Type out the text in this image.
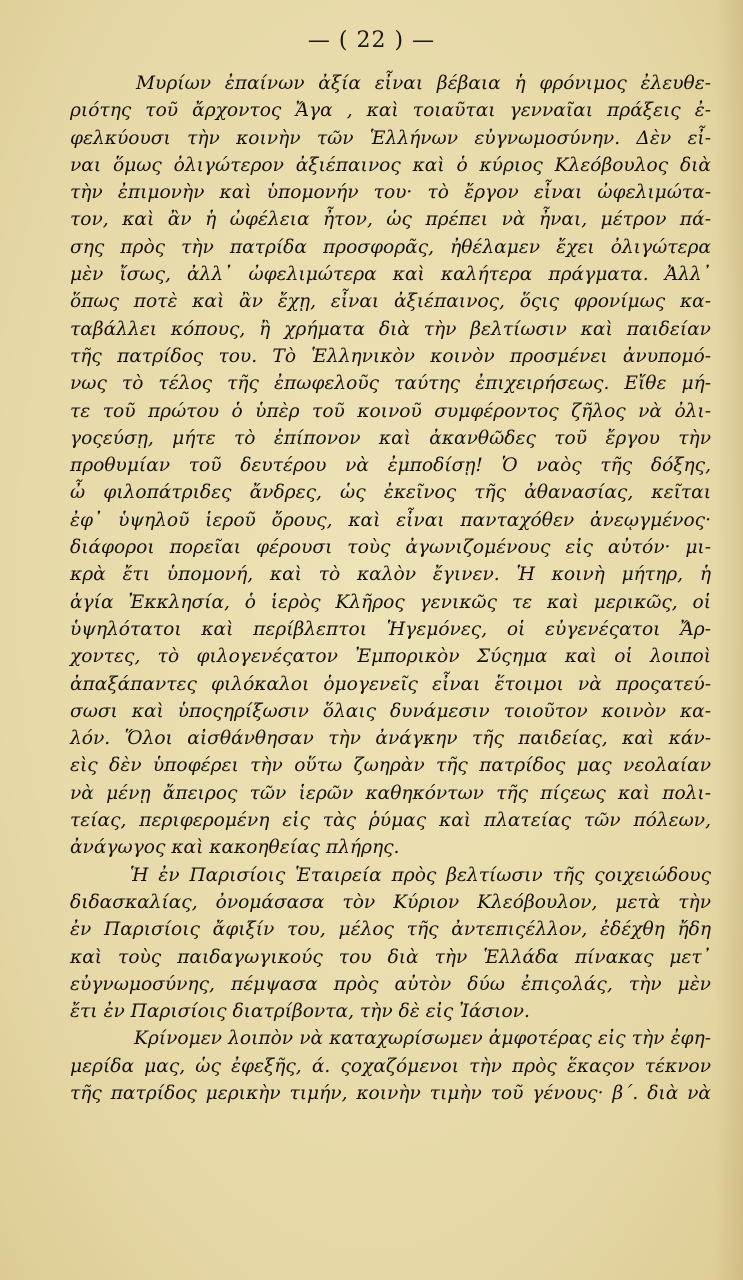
— ( 22 ) —
Μυρίων ἐπαίνων ἀξία εἶναι βέβαια ἡ φρόνιμος ἐλευθε-
ριότης τοῦ ἄρχοντος Ἄγα , καὶ τοιαῦται γενναῖαι πράξεις ἐ-
φελκύουσι τὴν κοινὴν τῶν Ἑλλήνων εὐγνωμοσύνην. Δὲν εἶ-
ναι ὅμως ὀλιγώτερον ἀξιέπαινος καὶ ὁ κύριος Κλεόβουλος διὰ
τὴν ἐπιμονὴν καὶ ὑπομονήν του· τὸ ἔργον εἶναι ὠφελιμώτα-
τον, καὶ ἂν ἡ ὠφέλεια ἦτον, ὡς πρέπει νὰ ἦναι, μέτρον πά-
σης πρὸς τὴν πατρίδα προσφορᾶς, ἠθέλαμεν ἔχει ὀλιγώτερα
μὲν ἴσως, ἀλλ᾽ ὠφελιμώτερα καὶ καλήτερα πράγματα. Ἀλλ᾽
ὅπως ποτὲ καὶ ἂν ἔχῃ, εἶναι ἀξιέπαινος, ὅςις φρονίμως κα-
ταβάλλει κόπους, ἢ χρήματα διὰ τὴν βελτίωσιν καὶ παιδείαν
τῆς πατρίδος του. Τὸ Ἑλληνικὸν κοινὸν προσμένει ἀνυπομό-
νως τὸ τέλος τῆς ἐπωφελοῦς ταύτης ἐπιχειρήσεως. Εἴθε μή-
τε τοῦ πρώτου ὁ ὑπὲρ τοῦ κοινοῦ συμφέροντος ζῆλος νὰ ὀλι-
γοςεύσῃ, μήτε τὸ ἐπίπονον καὶ ἀκανθῶδες τοῦ ἔργου τὴν
προθυμίαν τοῦ δευτέρου νὰ ἐμποδίσῃ! Ὁ ναὸς τῆς δόξης,
ὦ φιλοπάτριδες ἄνδρες, ὡς ἐκεῖνος τῆς ἀθανασίας, κεῖται
ἐφ᾽ ὑψηλοῦ ἱεροῦ ὄρους, καὶ εἶναι πανταχόθεν ἀνεῳγμένος·
διάφοροι πορεῖαι φέρουσι τοὺς ἀγωνιζομένους εἰς αὐτόν· μι-
κρὰ ἔτι ὑπομονή, καὶ τὸ καλὸν ἔγινεν. Ἡ κοινὴ μήτηρ, ἡ
ἁγία Ἐκκλησία, ὁ ἱερὸς Κλῆρος γενικῶς τε καὶ μερικῶς, οἱ
ὑψηλότατοι καὶ περίβλεπτοι Ἡγεμόνες, οἱ εὐγενέςατοι Ἄρ-
χοντες, τὸ φιλογενέςατον Ἐμπορικὸν Σύςημα καὶ οἱ λοιποὶ
ἀπαξάπαντες φιλόκαλοι ὁμογενεῖς εἶναι ἕτοιμοι νὰ προςατεύ-
σωσι καὶ ὑποςηρίξωσιν ὅλαις δυνάμεσιν τοιοῦτον κοινὸν κα-
λόν. Ὅλοι αἰσθάνθησαν τὴν ἀνάγκην τῆς παιδείας, καὶ κάν-
εὶς δὲν ὑποφέρει τὴν οὕτω ζωηρὰν τῆς πατρίδος μας νεολαίαν
νὰ μένῃ ἄπειρος τῶν ἱερῶν καθηκόντων τῆς πίςεως καὶ πολι-
τείας, περιφερομένη εἰς τὰς ῥύμας καὶ πλατείας τῶν πόλεων,
ἀνάγωγος καὶ κακοηθείας πλήρης.
Ἡ ἐν Παρισίοις Ἑταιρεία πρὸς βελτίωσιν τῆς ςοιχειώδους
διδασκαλίας, ὀνομάσασα τὸν Κύριον Κλεόβουλον, μετὰ τὴν
ἐν Παρισίοις ἄφιξίν του, μέλος τῆς ἀντεπιςέλλον, ἐδέχθη ἤδη
καὶ τοὺς παιδαγωγικούς του διὰ τὴν Ἑλλάδα πίνακας μετ᾽
εὐγνωμοσύνης, πέμψασα πρὸς αὐτὸν δύω ἐπιςολάς, τὴν μὲν
ἔτι ἐν Παρισίοις διατρίβοντα, τὴν δὲ εἰς Ἰάσιον.
Κρίνομεν λοιπὸν νὰ καταχωρίσωμεν ἀμφοτέρας εἰς τὴν ἐφη-
μερίδα μας, ὡς ἐφεξῆς, ά. ςοχαζόμενοι τὴν πρὸς ἕκαςον τέκνον
τῆς πατρίδος μερικὴν τιμήν, κοινὴν τιμὴν τοῦ γένους· β΄. διὰ νὰ
